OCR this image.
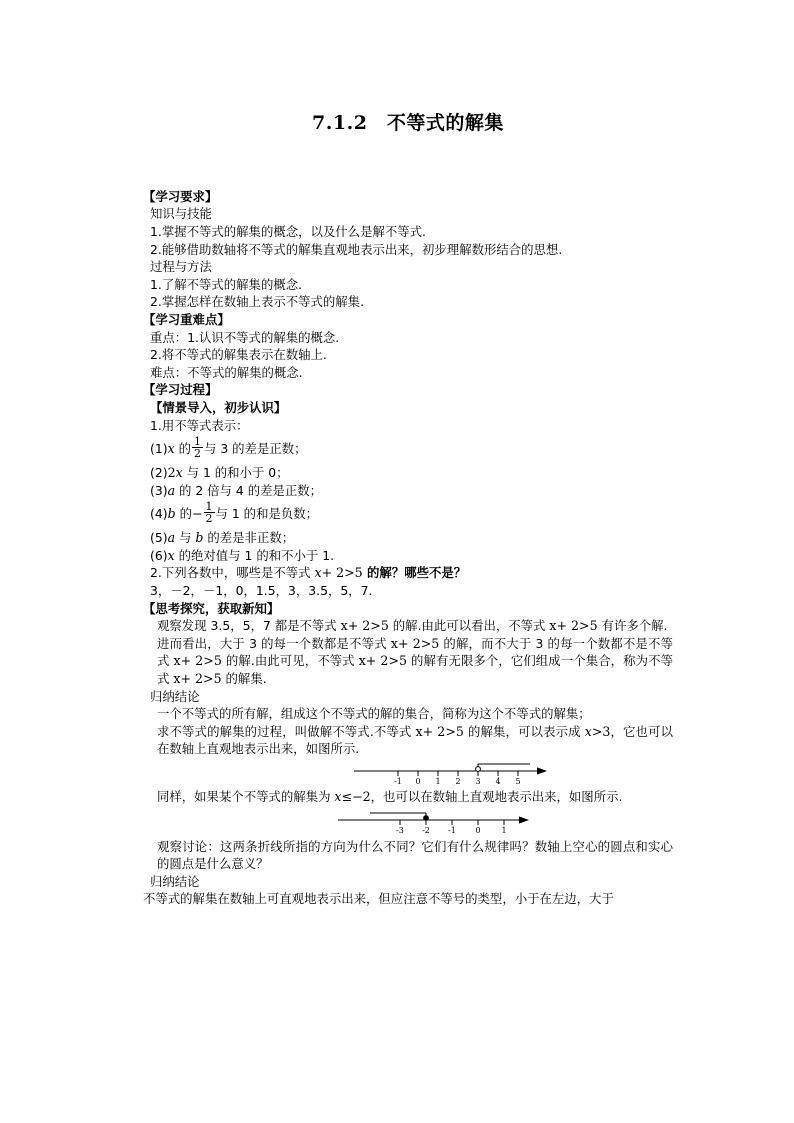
7.1.2　不等式的解集

【学习要求】

知识与技能

1.掌握不等式的解集的概念，以及什么是解不等式.

2.能够借助数轴将不等式的解集直观地表示出来，初步理解数形结合的思想.

过程与方法

1.了解不等式的解集的概念.

2.掌握怎样在数轴上表示不等式的解集.

【学习重难点】

重点：1.认识不等式的解集的概念.

2.将不等式的解集表示在数轴上.

难点：不等式的解集的概念.

【学习过程】

【情景导入，初步认识】

1.用不等式表示：

(1)x 的 $\frac{1}{2}$ 与 3 的差是正数；

(2)2x 与 1 的和小于 0；

(3)a 的 2 倍与 4 的差是正数；

(4)b 的− $\frac{1}{2}$ 与 1 的和是负数；

(5)a 与 b 的差是非正数；

(6)x 的绝对值与 1 的和不小于 1.

2.下列各数中，哪些是不等式 x+ 2>5 的解？哪些不是？

3，－2，－1，0，1.5，3，3.5，5，7.

【思考探究，获取新知】

观察发现 3.5，5，7 都是不等式 x+ 2>5 的解.由此可以看出，不等式 x+ 2>5 有许多个解.

进而看出，大于 3 的每一个数都是不等式 x+ 2>5 的解，而不大于 3 的每一个数都不是不等式 x+ 2>5 的解.由此可见，不等式 x+ 2>5 的解有无限多个，它们组成一个集合，称为不等式 x+ 2>5 的解集.

归纳结论

一个不等式的所有解，组成这个不等式的解的集合，简称为这个不等式的解集；

求不等式的解集的过程，叫做解不等式.不等式 x+ 2>5 的解集，可以表示成 x>3，它也可以在数轴上直观地表示出来，如图所示.

-1 0 1 2 3 4 5

同样，如果某个不等式的解集为 x≤−2，也可以在数轴上直观地表示出来，如图所示.

-3 -2 -1 0	1

观察讨论：这两条折线所指的方向为什么不同？它们有什么规律吗？数轴上空心的圆点和实心的圆点是什么意义？

归纳结论

不等式的解集在数轴上可直观地表示出来，但应注意不等号的类型，小于在左边，大于
